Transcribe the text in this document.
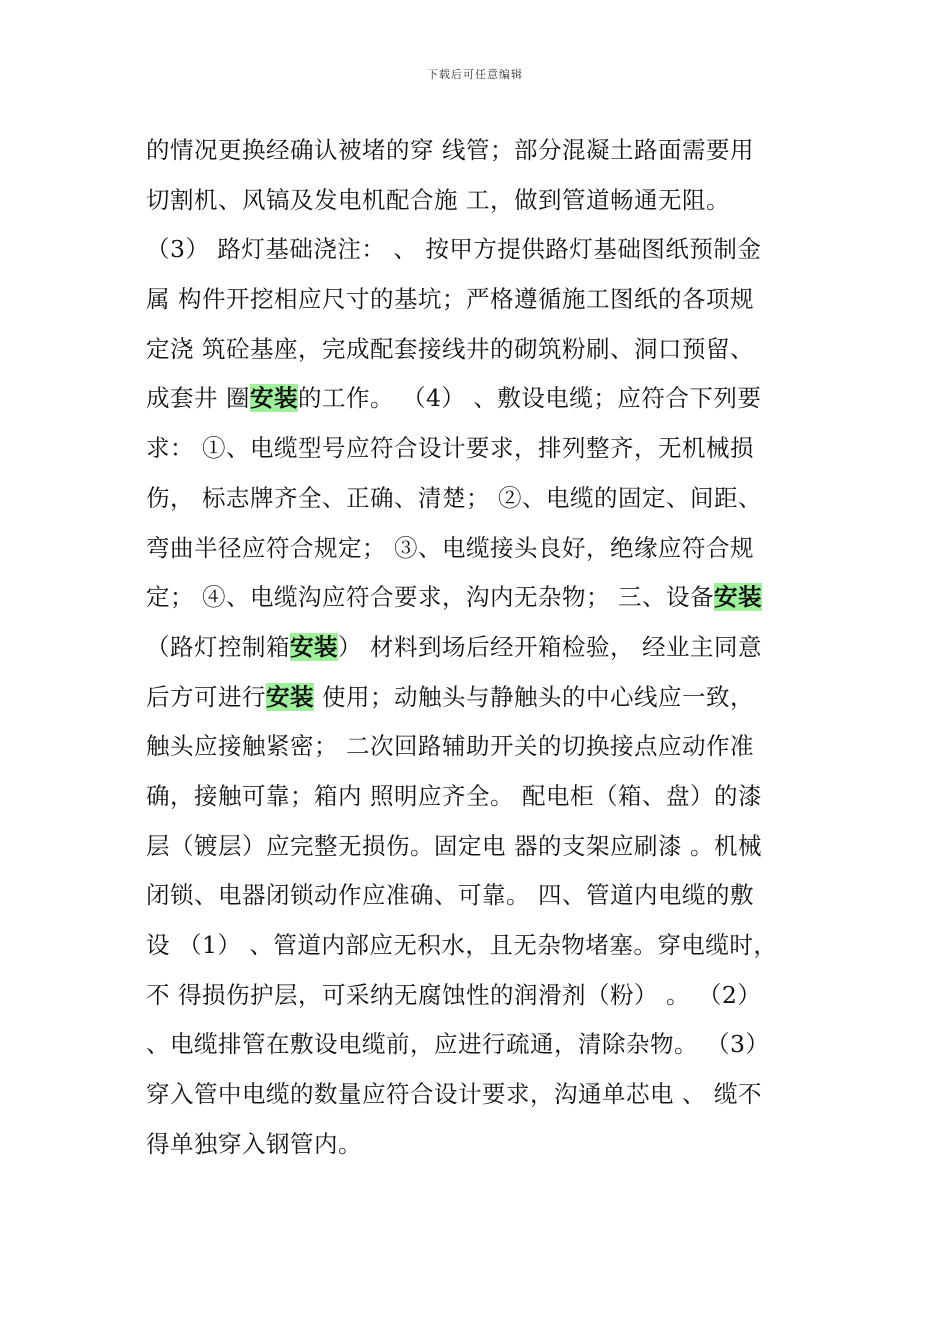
下载后可任意编辑
的情况更换经确认被堵的穿 线管；部分混凝土路面需要用
切割机、风镐及发电机配合施 工，做到管道畅通无阻。
（3） 路灯基础浇注： 、 按甲方提供路灯基础图纸预制金
属 构件开挖相应尺寸的基坑；严格遵循施工图纸的各项规
定浇 筑砼基座，完成配套接线井的砌筑粉刷、洞口预留、
成套井 圈安装的工作。 （4） 、敷设电缆；应符合下列要
求： ①、电缆型号应符合设计要求，排列整齐，无机械损
伤， 标志牌齐全、正确、清楚； ②、电缆的固定、间距、
弯曲半径应符合规定； ③、电缆接头良好，绝缘应符合规
定； ④、电缆沟应符合要求，沟内无杂物； 三、设备安装
（路灯控制箱安装） 材料到场后经开箱检验， 经业主同意
后方可进行安装 使用；动触头与静触头的中心线应一致，
触头应接触紧密； 二次回路辅助开关的切换接点应动作准
确，接触可靠；箱内 照明应齐全。 配电柜（箱、盘）的漆
层（镀层）应完整无损伤。固定电 器的支架应刷漆 。机械
闭锁、电器闭锁动作应准确、可靠。 四、管道内电缆的敷
设 （1） 、管道内部应无积水，且无杂物堵塞。穿电缆时，
不 得损伤护层，可采纳无腐蚀性的润滑剂（粉） 。 （2）
、电缆排管在敷设电缆前，应进行疏通，清除杂物。 （3）
穿入管中电缆的数量应符合设计要求，沟通单芯电 、 缆不
得单独穿入钢管内。
